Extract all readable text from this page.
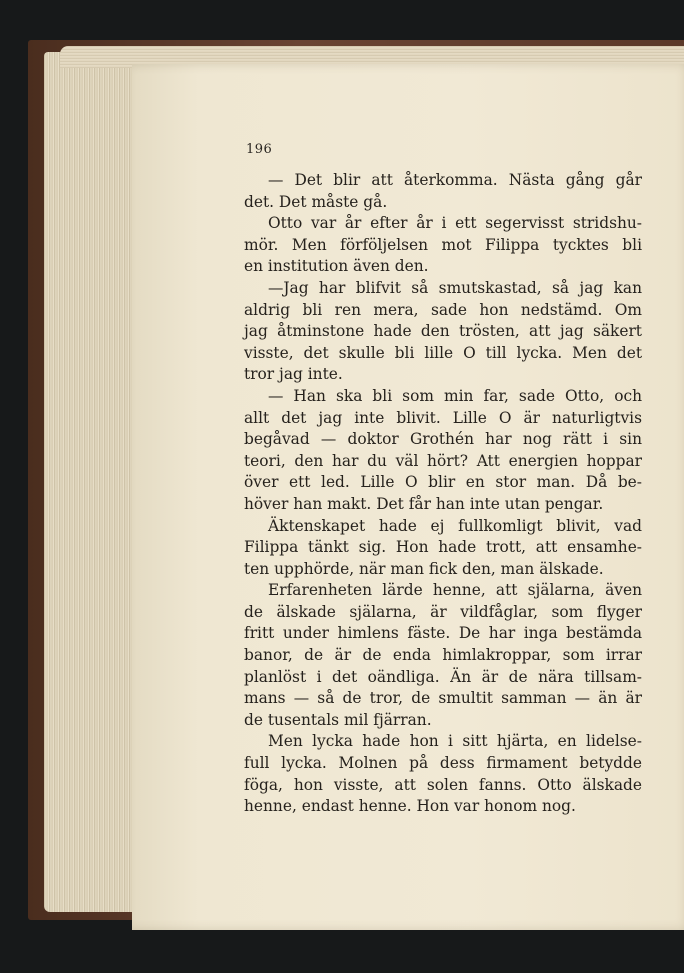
196
— Det blir att återkomma. Nästa gång går
det. Det måste gå.
Otto var år efter år i ett segervisst stridshu-
mör. Men förföljelsen mot Filippa tycktes bli
en institution även den.
—Jag har blifvit så smutskastad, så jag kan
aldrig bli ren mera, sade hon nedstämd. Om
jag åtminstone hade den trösten, att jag säkert
visste, det skulle bli lille O till lycka. Men det
tror jag inte.
— Han ska bli som min far, sade Otto, och
allt det jag inte blivit. Lille O är naturligtvis
begåvad — doktor Grothén har nog rätt i sin
teori, den har du väl hört? Att energien hoppar
över ett led. Lille O blir en stor man. Då be-
höver han makt. Det får han inte utan pengar.
Äktenskapet hade ej fullkomligt blivit, vad
Filippa tänkt sig. Hon hade trott, att ensamhe-
ten upphörde, när man fick den, man älskade.
Erfarenheten lärde henne, att själarna, även
de älskade själarna, är vildfåglar, som flyger
fritt under himlens fäste. De har inga bestämda
banor, de är de enda himlakroppar, som irrar
planlöst i det oändliga. Än är de nära tillsam-
mans — så de tror, de smultit samman — än är
de tusentals mil fjärran.
Men lycka hade hon i sitt hjärta, en lidelse-
full lycka. Molnen på dess firmament betydde
föga, hon visste, att solen fanns. Otto älskade
henne, endast henne. Hon var honom nog.
